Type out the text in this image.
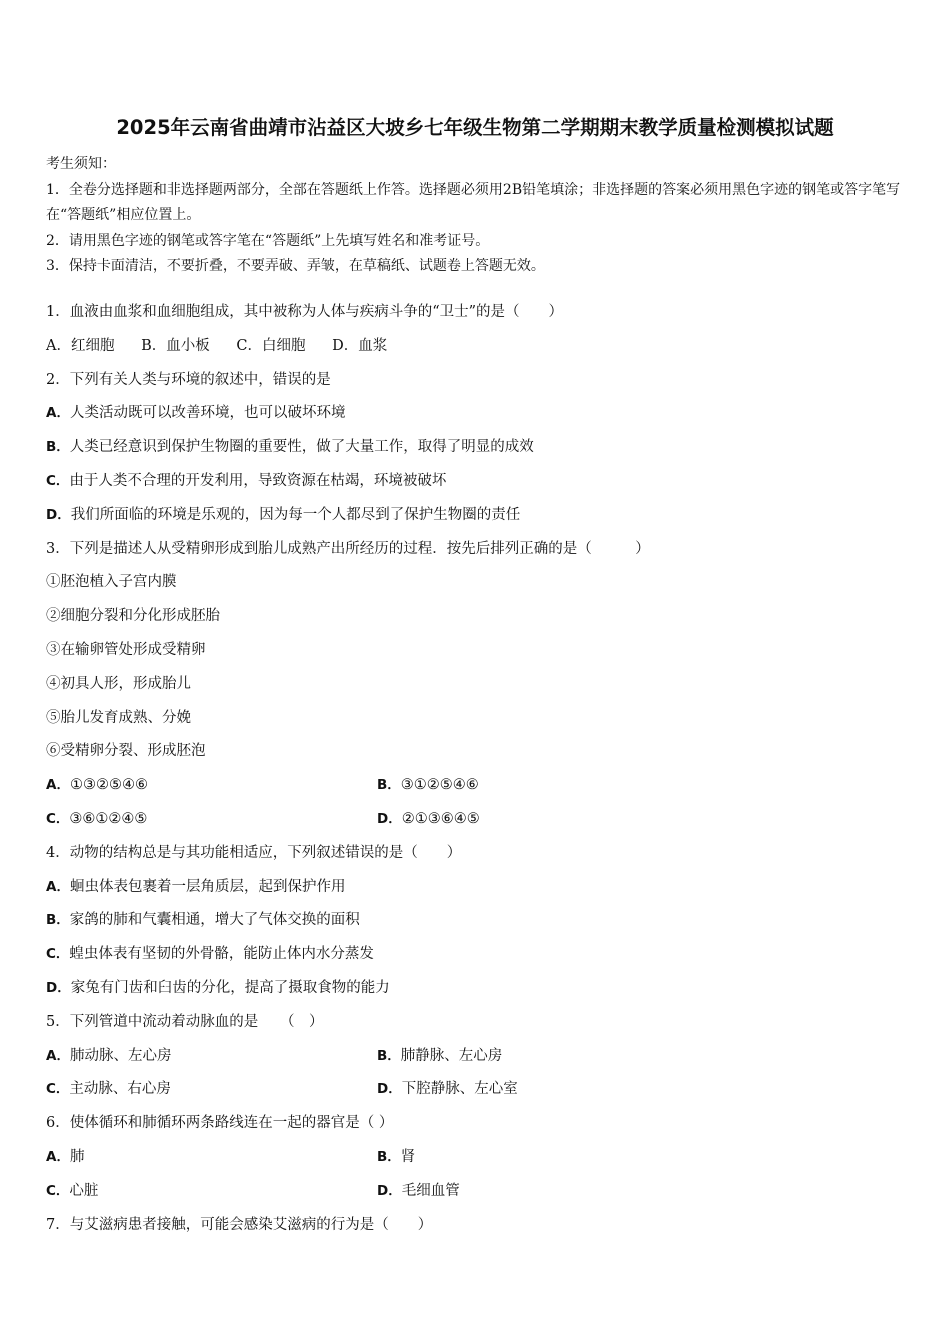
2025年云南省曲靖市沾益区大坡乡七年级生物第二学期期末教学质量检测模拟试题

考生须知：

1．全卷分选择题和非选择题两部分，全部在答题纸上作答。选择题必须用2B铅笔填涂；非选择题的答案必须用黑色字迹的钢笔或答字笔写在“答题纸”相应位置上。

2．请用黑色字迹的钢笔或答字笔在“答题纸”上先填写姓名和准考证号。

3．保持卡面清洁，不要折叠，不要弄破、弄皱，在草稿纸、试题卷上答题无效。

1．血液由血浆和血细胞组成，其中被称为人体与疾病斗争的“卫士”的是（　　）
A．红细胞 B．血小板 C．白细胞 D．血浆
2．下列有关人类与环境的叙述中，错误的是
A．人类活动既可以改善环境，也可以破坏环境
B．人类已经意识到保护生物圈的重要性，做了大量工作，取得了明显的成效
C．由于人类不合理的开发利用，导致资源在枯竭，环境被破坏
D．我们所面临的环境是乐观的，因为每一个人都尽到了保护生物圈的责任
3．下列是描述人从受精卵形成到胎儿成熟产出所经历的过程．按先后排列正确的是（　　　）
①胚泡植入子宫内膜
②细胞分裂和分化形成胚胎
③在输卵管处形成受精卵
④初具人形，形成胎儿
⑤胎儿发育成熟、分娩
⑥受精卵分裂、形成胚泡
A．①③②⑤④⑥	B．③①②⑤④⑥
C．③⑥①②④⑤	D．②①③⑥④⑤
4．动物的结构总是与其功能相适应，下列叙述错误的是（　　）
A．蛔虫体表包裹着一层角质层，起到保护作用
B．家鸽的肺和气囊相通，增大了气体交换的面积
C．蝗虫体表有坚韧的外骨骼，能防止体内水分蒸发
D．家兔有门齿和臼齿的分化，提高了摄取食物的能力
5．下列管道中流动着动脉血的是　　（　）
A．肺动脉、左心房	B．肺静脉、左心房
C．主动脉、右心房	D．下腔静脉、左心室
6．使体循环和肺循环两条路线连在一起的器官是（ ）
A．肺	B．肾
C．心脏	D．毛细血管
7．与艾滋病患者接触，可能会感染艾滋病的行为是（　　）
